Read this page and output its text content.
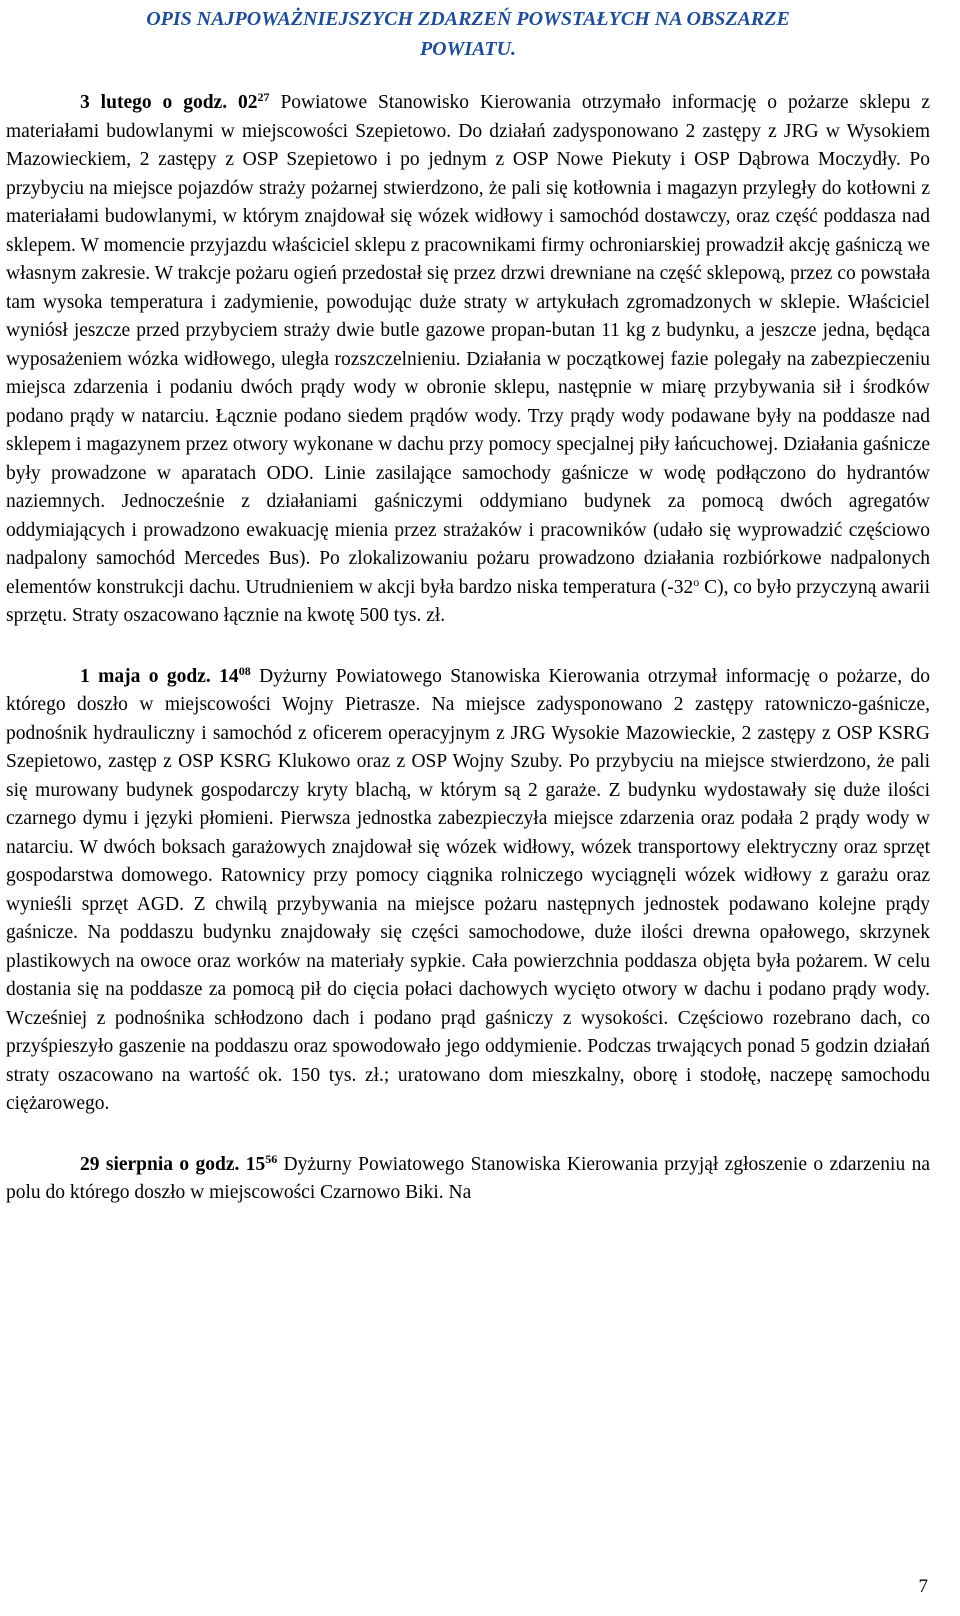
OPIS NAJPOWAŻNIEJSZYCH ZDARZEŃ POWSTAŁYCH NA OBSZARZE
POWIATU.

3 lutego o godz. $02^{27}$ Powiatowe Stanowisko Kierowania otrzymało informację o pożarze sklepu z materiałami budowlanymi w miejscowości Szepietowo. Do działań zadysponowano 2 zastępy z JRG w Wysokiem Mazowieckiem, 2 zastępy z OSP Szepietowo i po jednym z OSP Nowe Piekuty i OSP Dąbrowa Moczydły. Po przybyciu na miejsce pojazdów straży pożarnej stwierdzono, że pali się kotłownia i magazyn przyległy do kotłowni z materiałami budowlanymi, w którym znajdował się wózek widłowy i samochód dostawczy, oraz część poddasza nad sklepem. W momencie przyjazdu właściciel sklepu z pracownikami firmy ochroniarskiej prowadził akcję gaśniczą we własnym zakresie. W trakcje pożaru ogień przedostał się przez drzwi drewniane na część sklepową, przez co powstała tam wysoka temperatura i zadymienie, powodując duże straty w artykułach zgromadzonych w sklepie. Właściciel wyniósł jeszcze przed przybyciem straży dwie butle gazowe propan-butan 11 kg z budynku, a jeszcze jedna, będąca wyposażeniem wózka widłowego, uległa rozszczelnieniu. Działania w początkowej fazie polegały na zabezpieczeniu miejsca zdarzenia i podaniu dwóch prądy wody w obronie sklepu, następnie w miarę przybywania sił i środków podano prądy w natarciu. Łącznie podano siedem prądów wody. Trzy prądy wody podawane były na poddasze nad sklepem i magazynem przez otwory wykonane w dachu przy pomocy specjalnej piły łańcuchowej. Działania gaśnicze były prowadzone w aparatach ODO. Linie zasilające samochody gaśnicze w wodę podłączono do hydrantów naziemnych. Jednocześnie z działaniami gaśniczymi oddymiano budynek za pomocą dwóch agregatów oddymiających i prowadzono ewakuację mienia przez strażaków i pracowników (udało się wyprowadzić częściowo nadpalony samochód Mercedes Bus). Po zlokalizowaniu pożaru prowadzono działania rozbiórkowe nadpalonych elementów konstrukcji dachu. Utrudnieniem w akcji była bardzo niska temperatura (-32$^o$ C), co było przyczyną awarii sprzętu. Straty oszacowano łącznie na kwotę 500 tys. zł.

1 maja o godz. $14^{08}$ Dyżurny Powiatowego Stanowiska Kierowania otrzymał informację o pożarze, do którego doszło w miejscowości Wojny Pietrasze. Na miejsce zadysponowano 2 zastępy ratowniczo-gaśnicze, podnośnik hydrauliczny i samochód z oficerem operacyjnym z JRG Wysokie Mazowieckie, 2 zastępy z OSP KSRG Szepietowo, zastęp z OSP KSRG Klukowo oraz z OSP Wojny Szuby. Po przybyciu na miejsce stwierdzono, że pali się murowany budynek gospodarczy kryty blachą, w którym są 2 garaże. Z budynku wydostawały się duże ilości czarnego dymu i języki płomieni. Pierwsza jednostka zabezpieczyła miejsce zdarzenia oraz podała 2 prądy wody w natarciu. W dwóch boksach garażowych znajdował się wózek widłowy, wózek transportowy elektryczny oraz sprzęt gospodarstwa domowego. Ratownicy przy pomocy ciągnika rolniczego wyciągnęli wózek widłowy z garażu oraz wynieśli sprzęt AGD. Z chwilą przybywania na miejsce pożaru następnych jednostek podawano kolejne prądy gaśnicze. Na poddaszu budynku znajdowały się części samochodowe, duże ilości drewna opałowego, skrzynek plastikowych na owoce oraz worków na materiały sypkie. Cała powierzchnia poddasza objęta była pożarem. W celu dostania się na poddasze za pomocą pił do cięcia połaci dachowych wycięto otwory w dachu i podano prądy wody. Wcześniej z podnośnika schłodzono dach i podano prąd gaśniczy z wysokości. Częściowo rozebrano dach, co przyśpieszyło gaszenie na poddaszu oraz spowodowało jego oddymienie. Podczas trwających ponad 5 godzin działań straty oszacowano na wartość ok. 150 tys. zł.; uratowano dom mieszkalny, oborę i stodołę, naczepę samochodu ciężarowego.

29 sierpnia o godz. $15^{56}$ Dyżurny Powiatowego Stanowiska Kierowania przyjął zgłoszenie o zdarzeniu na polu do którego doszło w miejscowości Czarnowo Biki. Na

7
